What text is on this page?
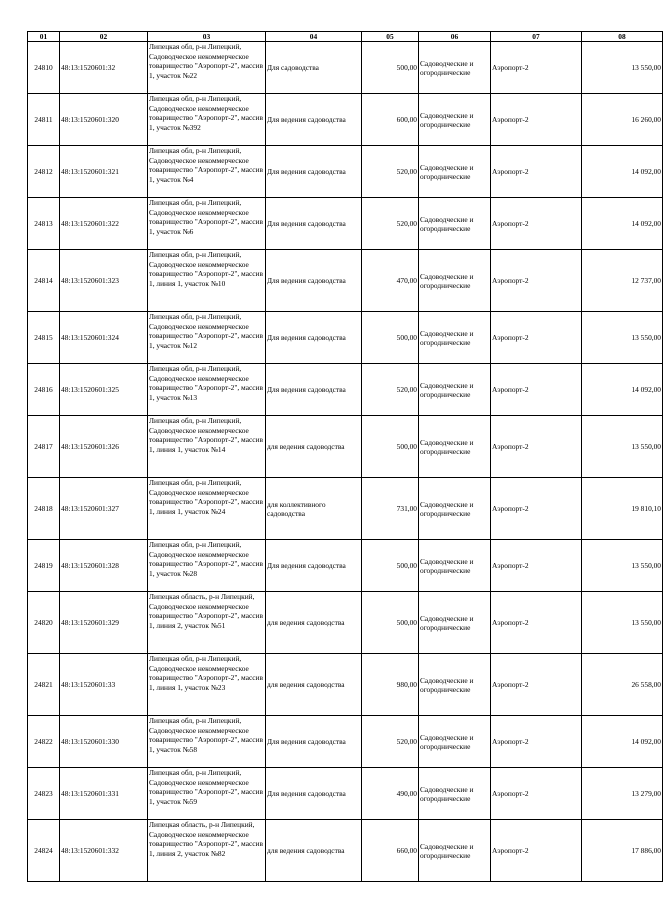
01	02	03	04	05	06	07	08
24810	48:13:1520601:32	Липецкая обл, р-н Липецкий, Садоводческое некоммерческое товарищество "Аэропорт-2", массив 1, участок №22	Для садоводства	500,00	Садоводческие и огороднические	Аэропорт-2	13 550,00
24811	48:13:1520601:320	Липецкая обл, р-н Липецкий, Садоводческое некоммерческое товарищество "Аэропорт-2", массив 1, участок №392	Для ведения садоводства	600,00	Садоводческие и огороднические	Аэропорт-2	16 260,00
24812	48:13:1520601:321	Липецкая обл, р-н Липецкий, Садоводческое некоммерческое товарищество "Аэропорт-2", массив 1, участок №4	Для ведения садоводства	520,00	Садоводческие и огороднические	Аэропорт-2	14 092,00
24813	48:13:1520601:322	Липецкая обл, р-н Липецкий, Садоводческое некоммерческое товарищество "Аэропорт-2", массив 1, участок №6	Для ведения садоводства	520,00	Садоводческие и огороднические	Аэропорт-2	14 092,00
24814	48:13:1520601:323	Липецкая обл, р-н Липецкий, Садоводческое некоммерческое товарищество "Аэропорт-2", массив 1, линия 1, участок №10	Для ведения садоводства	470,00	Садоводческие и огороднические	Аэропорт-2	12 737,00
24815	48:13:1520601:324	Липецкая обл, р-н Липецкий, Садоводческое некоммерческое товарищество "Аэропорт-2", массив 1, участок №12	Для ведения садоводства	500,00	Садоводческие и огороднические	Аэропорт-2	13 550,00
24816	48:13:1520601:325	Липецкая обл, р-н Липецкий, Садоводческое некоммерческое товарищество "Аэропорт-2", массив 1, участок №13	Для ведения садоводства	520,00	Садоводческие и огороднические	Аэропорт-2	14 092,00
24817	48:13:1520601:326	Липецкая обл, р-н Липецкий, Садоводческое некоммерческое товарищество "Аэропорт-2", массив 1, линия 1, участок №14	для ведения садоводства	500,00	Садоводческие и огороднические	Аэропорт-2	13 550,00
24818	48:13:1520601:327	Липецкая обл, р-н Липецкий, Садоводческое некоммерческое товарищество "Аэропорт-2", массив 1, линия 1, участок №24	для коллективного садоводства	731,00	Садоводческие и огороднические	Аэропорт-2	19 810,10
24819	48:13:1520601:328	Липецкая обл, р-н Липецкий, Садоводческое некоммерческое товарищество "Аэропорт-2", массив 1, участок №28	Для ведения садоводства	500,00	Садоводческие и огороднические	Аэропорт-2	13 550,00
24820	48:13:1520601:329	Липецкая область, р-н Липецкий, Садоводческое некоммерческое товарищество "Аэропорт-2", массив 1, линия 2, участок №51	для ведения садоводства	500,00	Садоводческие и огороднические	Аэропорт-2	13 550,00
24821	48:13:1520601:33	Липецкая обл, р-н Липецкий, Садоводческое некоммерческое товарищество "Аэропорт-2", массив 1, линия 1, участок №23	для ведения садоводства	980,00	Садоводческие и огороднические	Аэропорт-2	26 558,00
24822	48:13:1520601:330	Липецкая обл, р-н Липецкий, Садоводческое некоммерческое товарищество "Аэропорт-2", массив 1, участок №58	Для ведения садоводства	520,00	Садоводческие и огороднические	Аэропорт-2	14 092,00
24823	48:13:1520601:331	Липецкая обл, р-н Липецкий, Садоводческое некоммерческое товарищество "Аэропорт-2", массив 1, участок №59	Для ведения садоводства	490,00	Садоводческие и огороднические	Аэропорт-2	13 279,00
24824	48:13:1520601:332	Липецкая область, р-н Липецкий, Садоводческое некоммерческое товарищество "Аэропорт-2", массив 1, линия 2, участок №82	для ведения садоводства	660,00	Садоводческие и огороднические	Аэропорт-2	17 886,00
